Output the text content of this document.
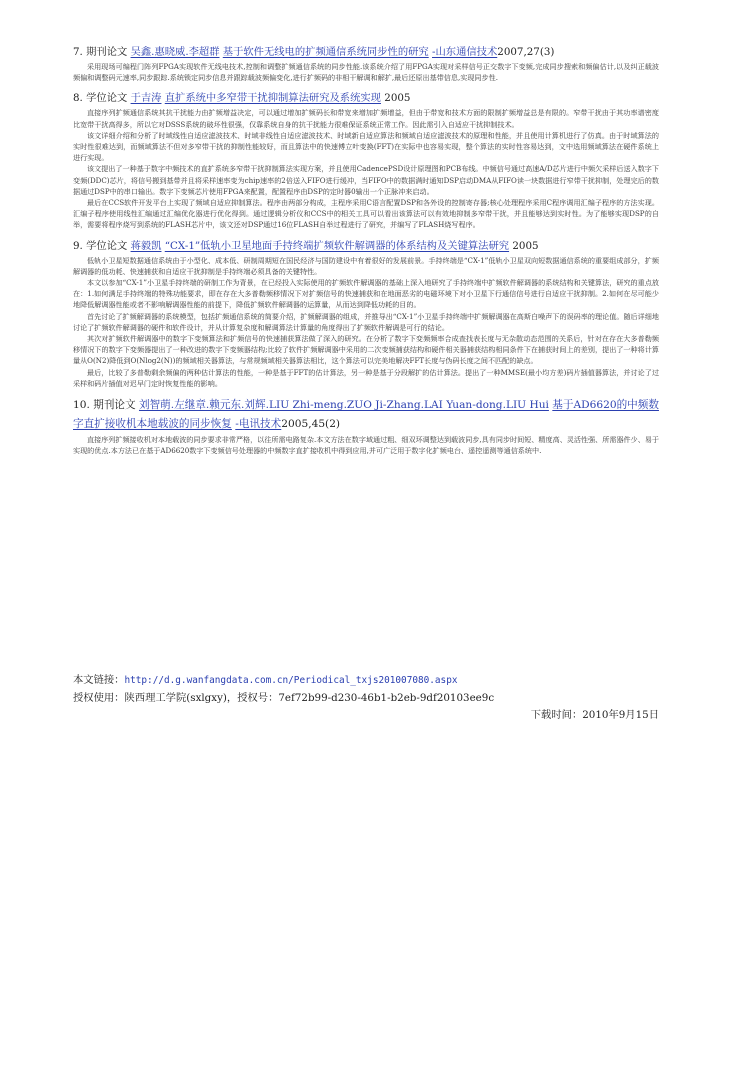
7. 期刊论文 吴鑫.惠晓威.李超群 基于软件无线电的扩频通信系统同步性的研究 -山东通信技术2007,27(3)

采用现场可编程门阵列FPGA实现软件无线电技术,控制和调整扩频通信系统的同步性能.该系统介绍了用FPGA实现对采样信号正交数字下变频,完成同步搜索和频偏估计,以及纠正载波频偏和调整码元速率,同步跟踪.系统锁定同步信息并跟踪载波频偏变化,进行扩频码的非相干解调和解扩,最后还原出基带信息,实现同步性.

8. 学位论文 于吉涛 直扩系统中多窄带干扰抑制算法研究及系统实现 2005

直接序列扩频通信系统其抗干扰能力由扩频增益决定，可以通过增加扩频码长和带宽来增加扩频增益，但由于带宽和技术方面的限制扩频增益总是有限的。窄带干扰由于其功率谱密度比宽带干扰高得多，所以它对DSSS系统的破坏性很强，仅靠系统自身的抗干扰能力很难保证系统正常工作。因此需引入自适应干扰抑制技术。

该文详细介绍和分析了时域线性自适应滤波技术、时域非线性自适应滤波技术、时域新自适应算法和频域自适应滤波技术的原理和性能，并且使用计算机进行了仿真。由于时域算法的实时性很难达到，而频域算法不但对多窄带干扰的抑制性能较好，而且算法中的快速傅立叶变换(FFT)在实际中也容易实现，整个算法的实时性容易达到，文中选用频域算法在硬件系统上进行实现。

该文提出了一种基于数字中频技术的直扩系统多窄带干扰抑制算法实现方案，并且使用CadencePSD设计原理图和PCB布线。中频信号通过高速A/D芯片进行中频欠采样后送入数字下变频(DDC)芯片，将信号搬到基带并且将采样速率变为chip速率的2倍送入FIFO进行缓冲，当FIFO中的数据满时通知DSP启动DMA从FIFO读一块数据进行窄带干扰抑制，处理完后的数据通过DSP中的串口输出。数字下变频芯片使用FPGA来配置，配置程序由DSP的定时器0输出一个正脉冲来启动。

最后在CCS软件开发平台上实现了频域自适应抑制算法。程序由两部分构成，主程序采用C语言配置DSP和各外设的控制寄存器;核心处理程序采用C程序调用汇编子程序的方法实现。汇编子程序使用线性汇编通过汇编优化器进行优化得到。通过逻辑分析仪和CCS中的相关工具可以看出该算法可以有效地抑制多窄带干扰，并且能够达到实时性。为了能够实现DSP的自举，需要将程序烧写到系统的FLASH芯片中，该文还对DSP通过16位FLASH自举过程进行了研究，并编写了FLASH烧写程序。

9. 学位论文 蒋毅凯 “CX-1”低轨小卫星地面手持终端扩频软件解调器的体系结构及关键算法研究 2005

低轨小卫星短数据通信系统由于小型化、成本低、研制周期短在国民经济与国防建设中有着很好的发展前景。手持终端是“CX-1”低轨小卫星双向短数据通信系统的重要组成部分，扩频解调器的低功耗、快速捕获和自适应干扰抑制是手持终端必须具备的关键特性。

本文以参加“CX-1”小卫星手持终端的研制工作为背景，在已经投入实际使用的扩频软件解调器的基础上深入地研究了手持终端中扩频软件解调器的系统结构和关键算法，研究的重点放在：1.如何满足手持终端的特殊功能要求，即在存在大多普勒频移情况下对扩频信号的快速捕获和在地面恶劣的电磁环境下对小卫星下行通信信号进行自适应干扰抑制。2.如何在尽可能少地降低解调器性能或者不影响解调器性能的前提下，降低扩频软件解调器的运算量，从而达到降低功耗的目的。

首先讨论了扩频解调器的系统模型，包括扩频通信系统的简要介绍，扩频解调器的组成，并推导出“CX-1”小卫星手持终端中扩频解调器在高斯白噪声下的误码率的理论值。随后详细地讨论了扩频软件解调器的硬件和软件设计，并从计算复杂度和解调算法计算量的角度得出了扩频软件解调是可行的结论。

其次对扩频软件解调器中的数字下变频算法和扩频信号的快速捕获算法做了深入的研究。在分析了数字下变频频率合成查找表长度与无杂散动态范围的关系后，针对在存在大多普勒频移情况下的数字下变频器提出了一种改进的数字下变频器结构;比较了软件扩频解调器中采用的二次变频捕获结构和硬件相关器捕获结构相同条件下在捕获时间上的差别，提出了一种将计算量从O(N2)降低到O(Nlog2(N))的频域相关器算法，与常规频域相关器算法相比，这个算法可以完美地解决FFT长度与伪码长度之间不匹配的缺点。

最后，比较了多普勒剩余频偏的两种估计算法的性能，一种是基于FFT的估计算法，另一种是基于分段解扩的估计算法。提出了一种MMSE(最小均方差)码片插值器算法，并讨论了过采样和码片插值对迟早门定时恢复性能的影响。

10. 期刊论文 刘智萌.左继章.赖元东.刘辉.LIU Zhi-meng.ZUO Ji-Zhang.LAI Yuan-dong.LIU Hui 基于AD6620的中频数字直扩接收机本地载波的同步恢复 -电讯技术2005,45(2)

直接序列扩频接收机对本地载波的同步要求非常严格，以往所需电路复杂.本文方法在数字域通过粗、细双环调整达到载波同步,具有同步时间短、精度高、灵活性强、所需器件少、易于实现的优点.本方法已在基于AD6620数字下变频信号处理器的中频数字直扩接收机中得到应用,并可广泛用于数字化扩频电台、遥控遥测等通信系统中.

本文链接：http://d.g.wanfangdata.com.cn/Periodical_txjs201007080.aspx
授权使用：陕西理工学院(sxlgxy)，授权号：7ef72b99-d230-46b1-b2eb-9df20103ee9c
下载时间：2010年9月15日
